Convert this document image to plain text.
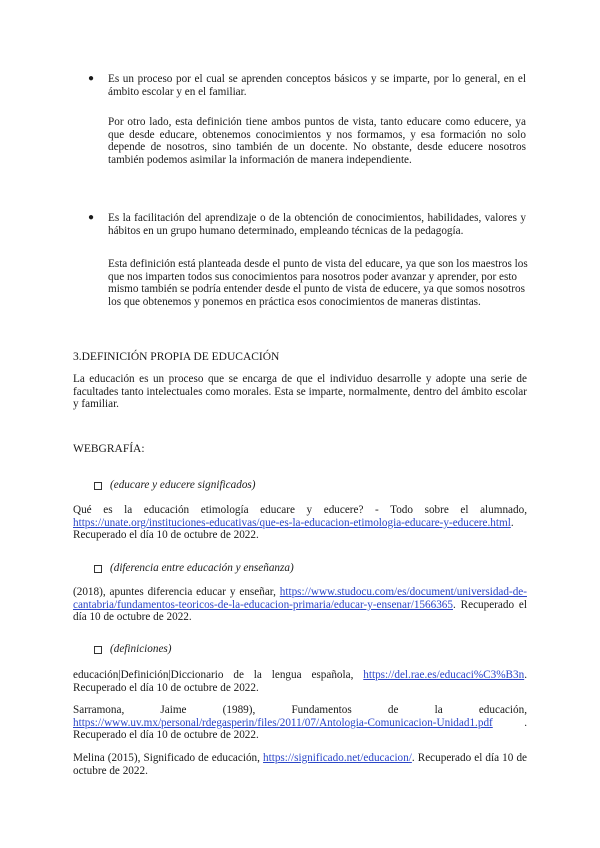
● Es un proceso por el cual se aprenden conceptos básicos y se imparte, por lo general, en el ámbito escolar y en el familiar.

Por otro lado, esta definición tiene ambos puntos de vista, tanto educare como educere, ya que desde educare, obtenemos conocimientos y nos formamos, y esa formación no solo depende de nosotros, sino también de un docente. No obstante, desde educere nosotros también podemos asimilar la información de manera independiente.

● Es la facilitación del aprendizaje o de la obtención de conocimientos, habilidades, valores y hábitos en un grupo humano determinado, empleando técnicas de la pedagogía.

Esta definición está planteada desde el punto de vista del educare, ya que son los maestros los que nos imparten todos sus conocimientos para nosotros poder avanzar y aprender, por esto mismo también se podría entender desde el punto de vista de educere, ya que somos nosotros los que obtenemos y ponemos en práctica esos conocimientos de maneras distintas.

3.DEFINICIÓN PROPIA DE EDUCACIÓN

La educación es un proceso que se encarga de que el individuo desarrolle y adopte una serie de facultades tanto intelectuales como morales. Esta se imparte, normalmente, dentro del ámbito escolar y familiar.

WEBGRAFÍA:
(educare y educere significados)

Qué es la educación etimología educare y educere? - Todo sobre el alumnado, https://unate.org/instituciones-educativas/que-es-la-educacion-etimologia-educare-y-educere.html. Recuperado el día 10 de octubre de 2022.

(diferencia entre educación y enseñanza)

(2018), apuntes diferencia educar y enseñar, https://www.studocu.com/es/document/universidad-de-cantabria/fundamentos-teoricos-de-la-educacion-primaria/educar-y-ensenar/1566365. Recuperado el día 10 de octubre de 2022.

(definiciones)

educación|Definición|Diccionario de la lengua española, https://del.rae.es/educaci%C3%B3n. Recuperado el día 10 de octubre de 2022.

Sarramona, Jaime (1989), Fundamentos de la educación, https://www.uv.mx/personal/rdegasperin/files/2011/07/Antologia-Comunicacion-Unidad1.pdf . Recuperado el día 10 de octubre de 2022.

Melina (2015), Significado de educación, https://significado.net/educacion/. Recuperado el día 10 de octubre de 2022.
